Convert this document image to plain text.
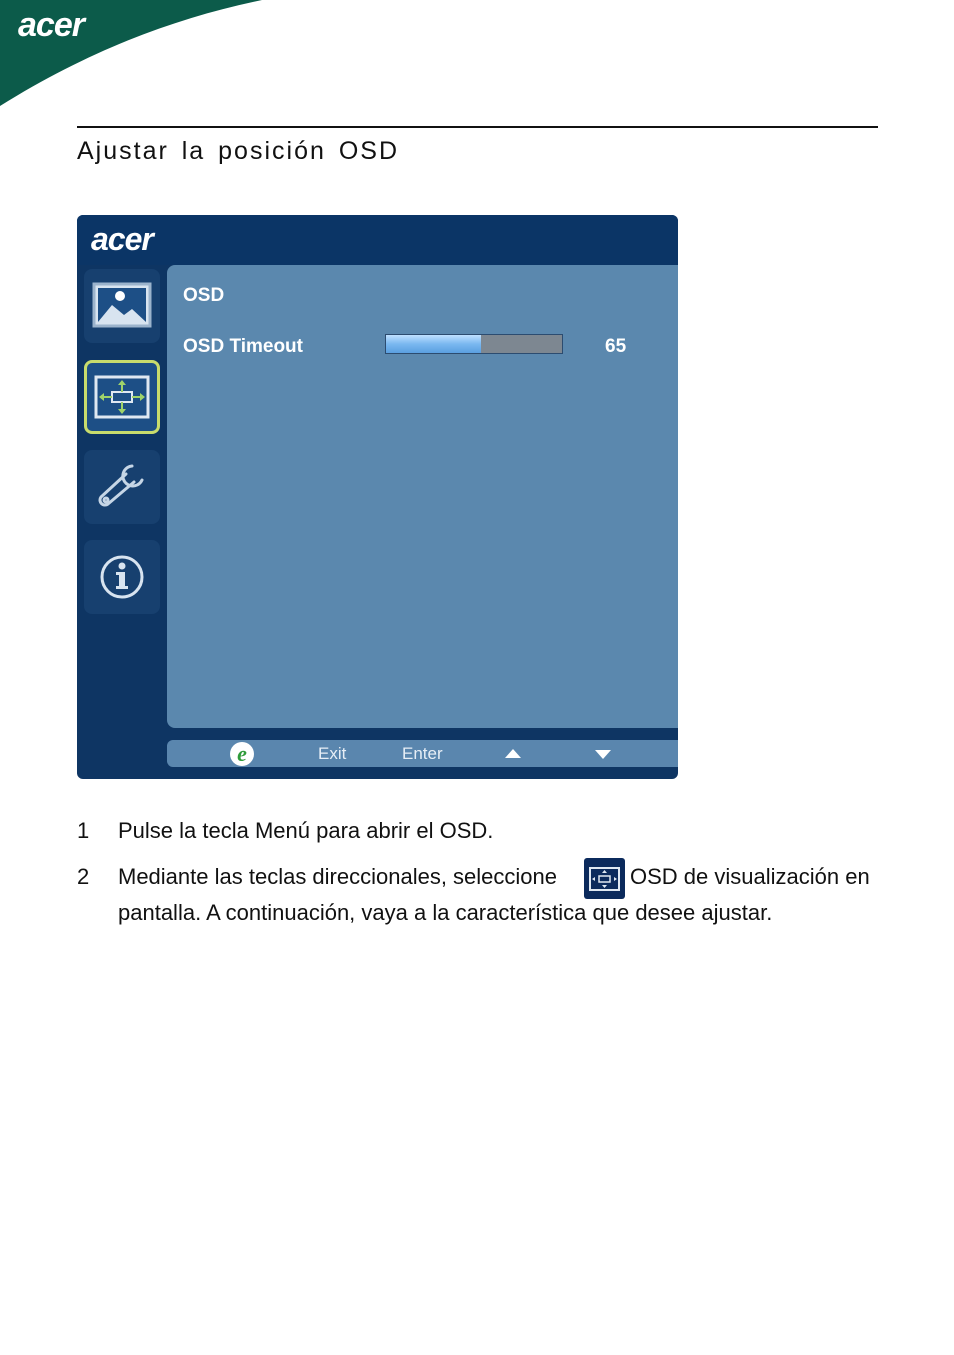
acer
Ajustar la posición OSD
acer
OSD
OSD Timeout	65
e	Exit	Enter
1 Pulse la tecla Menú para abrir el OSD.
2 Mediante las teclas direccionales, seleccione	OSD de visualización en
pantalla. A continuación, vaya a la característica que desee ajustar.
